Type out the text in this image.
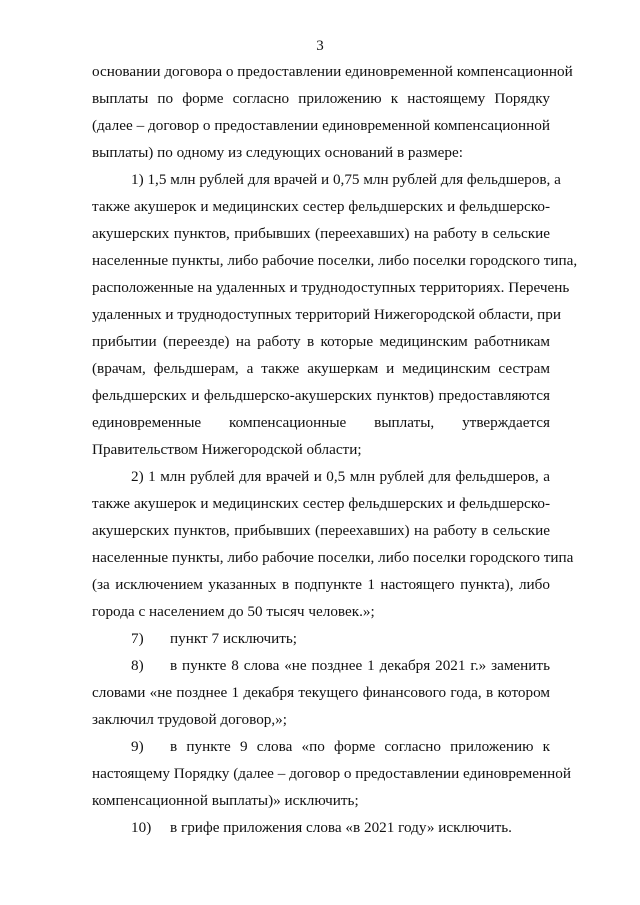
3
основании договора о предоставлении единовременной компенсационной
выплаты по форме согласно приложению к настоящему Порядку
(далее – договор о предоставлении единовременной компенсационной
выплаты) по одному из следующих оснований в размере:
1) 1,5 млн рублей для врачей и 0,75 млн рублей для фельдшеров, а
также акушерок и медицинских сестер фельдшерских и фельдшерско-
акушерских пунктов, прибывших (переехавших) на работу в сельские
населенные пункты, либо рабочие поселки, либо поселки городского типа,
расположенные на удаленных и труднодоступных территориях. Перечень
удаленных и труднодоступных территорий Нижегородской области, при
прибытии (переезде) на работу в которые медицинским работникам
(врачам, фельдшерам, а также акушеркам и медицинским сестрам
фельдшерских и фельдшерско-акушерских пунктов) предоставляются
единовременные компенсационные выплаты, утверждается
Правительством Нижегородской области;
2) 1 млн рублей для врачей и 0,5 млн рублей для фельдшеров, а
также акушерок и медицинских сестер фельдшерских и фельдшерско-
акушерских пунктов, прибывших (переехавших) на работу в сельские
населенные пункты, либо рабочие поселки, либо поселки городского типа
(за исключением указанных в подпункте 1 настоящего пункта), либо
города с населением до 50 тысяч человек.»;
7) пункт 7 исключить;
8) в пункте 8 слова «не позднее 1 декабря 2021 г.» заменить
словами «не позднее 1 декабря текущего финансового года, в котором
заключил трудовой договор,»;
9) в пункте 9 слова «по форме согласно приложению к
настоящему Порядку (далее – договор о предоставлении единовременной
компенсационной выплаты)» исключить;
10) в грифе приложения слова «в 2021 году» исключить.
